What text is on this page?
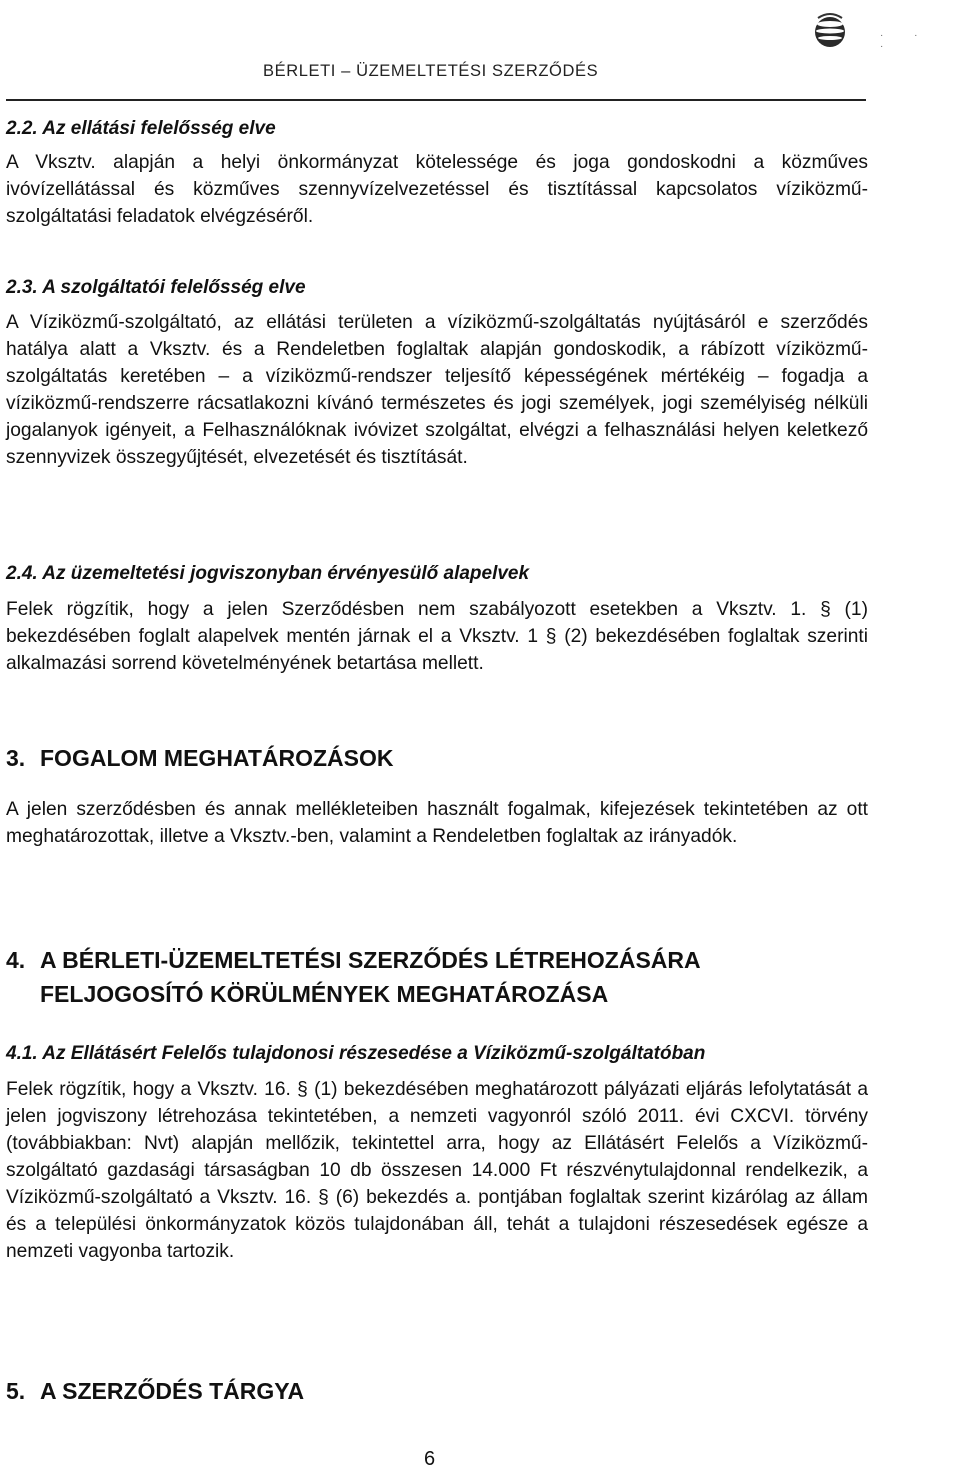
· · ·
BÉRLETI – ÜZEMELTETÉSI SZERZŐDÉS
2.2. Az ellátási felelősség elve
A Vksztv. alapján a helyi önkormányzat kötelessége és joga gondoskodni a közműves ivóvízellátással és közműves szennyvízelvezetéssel és tisztítással kapcsolatos víziközmű-szolgáltatási feladatok elvégzéséről.
2.3. A szolgáltatói felelősség elve
A Víziközmű-szolgáltató, az ellátási területen a víziközmű-szolgáltatás nyújtásáról e szerződés hatálya alatt a Vksztv. és a Rendeletben foglaltak alapján gondoskodik, a rábízott víziközmű-szolgáltatás keretében – a víziközmű-rendszer teljesítő képességének mértékéig – fogadja a víziközmű-rendszerre rácsatlakozni kívánó természetes és jogi személyek, jogi személyiség nélküli jogalanyok igényeit, a Felhasználóknak ivóvizet szolgáltat, elvégzi a felhasználási helyen keletkező szennyvizek összegyűjtését, elvezetését és tisztítását.
2.4. Az üzemeltetési jogviszonyban érvényesülő alapelvek
Felek rögzítik, hogy a jelen Szerződésben nem szabályozott esetekben a Vksztv. 1. § (1) bekezdésében foglalt alapelvek mentén járnak el a Vksztv. 1 § (2) bekezdésében foglaltak szerinti alkalmazási sorrend követelményének betartása mellett.
3. FOGALOM MEGHATÁROZÁSOK
A jelen szerződésben és annak mellékleteiben használt fogalmak, kifejezések tekintetében az ott meghatározottak, illetve a Vksztv.-ben, valamint a Rendeletben foglaltak az irányadók.
4. A BÉRLETI-ÜZEMELTETÉSI SZERZŐDÉS LÉTREHOZÁSÁRA
FELJOGOSÍTÓ KÖRÜLMÉNYEK MEGHATÁROZÁSA
4.1. Az Ellátásért Felelős tulajdonosi részesedése a Víziközmű-szolgáltatóban
Felek rögzítik, hogy a Vksztv. 16. § (1) bekezdésében meghatározott pályázati eljárás lefolytatását a jelen jogviszony létrehozása tekintetében, a nemzeti vagyonról szóló 2011. évi CXCVI. törvény (továbbiakban: Nvt) alapján mellőzik, tekintettel arra, hogy az Ellátásért Felelős a Víziközmű-szolgáltató gazdasági társaságban 10 db összesen 14.000 Ft részvénytulajdonnal rendelkezik, a Víziközmű-szolgáltató a Vksztv. 16. § (6) bekezdés a. pontjában foglaltak szerint kizárólag az állam és a települési önkormányzatok közös tulajdonában áll, tehát a tulajdoni részesedések egésze a nemzeti vagyonba tartozik.
5. A SZERZŐDÉS TÁRGYA
6
